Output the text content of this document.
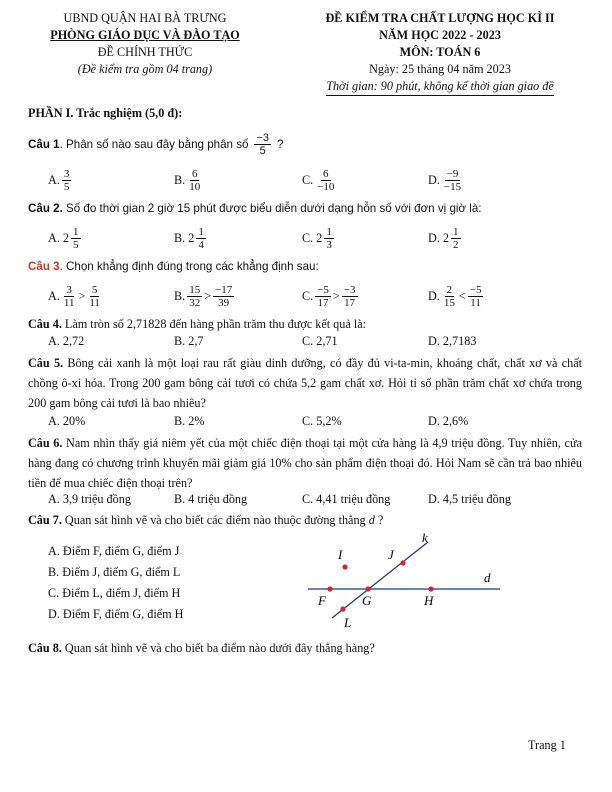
UBND QUẬN HAI BÀ TRƯNG
PHÒNG GIÁO DỤC VÀ ĐÀO TẠO
ĐỀ CHÍNH THỨC
(Đề kiểm tra gồm 04 trang)
ĐỀ KIỂM TRA CHẤT LƯỢNG HỌC KÌ II
NĂM HỌC 2022 - 2023
MÔN: TOÁN 6
Ngày: 25 tháng 04 năm 2023
Thời gian: 90 phút, không kể thời gian giao đề
PHẦN I. Trắc nghiệm (5,0 đ):
Câu 1 . Phân số nào sau đây bằng phân số $\frac{-3}{5}$ ?
A. $\frac{3}{5}$	B. $\frac{6}{10}$	C. $\frac{6}{-10}$	D. $\frac{-9}{-15}$
Câu 2. Số đo thời gian 2 giờ 15 phút được biểu diễn dưới dạng hỗn số với đơn vị giờ là:
A.
$2 \frac{1}{5}$	B.
$2 \frac{1}{4}$	C.
$2 \frac{1}{3}$	D.
$2 \frac{1}{2}$
Câu 3. Chọn khẳng định đúng trong các khẳng định sau:
A. $\frac{3}{11} > \frac{5}{11}$	B. $\frac{15}{32} > \frac{-17}{39}$	C. $\frac{-5}{17} > \frac{-3}{17}$	D. $\frac{2}{15} < \frac{-5}{11}$
Câu 4. Làm tròn số 2,71828 đến hàng phần trăm thu được kết quả là:
A. 2,72	B. 2,7	C. 2,71	D. 2,7183
Câu 5. Bông cải xanh là một loại rau rất giàu dinh dưỡng, có đầy đủ vi-ta-min, khoáng chất, chất xơ và chất chồng ô-xi hóa. Trong 200 gam bông cải tươi có chứa 5,2 gam chất xơ. Hỏi tỉ số phần trăm chất xơ chứa trong 200 gam bông cải tươi là bao nhiêu?
A. 20%	B. 2%	C. 5,2%	D. 2,6%
Câu 6. Nam nhìn thấy giá niêm yết của một chiếc điện thoại tại một cửa hàng là 4,9 triệu đồng. Tuy nhiên, cửa hàng đang có chương trình khuyến mãi giảm giá 10% cho sản phẩm điện thoại đó. Hỏi Nam sẽ cần trả bao nhiêu tiền để mua chiếc điện thoại trên?
A. 3,9 triệu đồng	B. 4 triệu đồng	C. 4,41 triệu đồng	D. 4,5 triệu đồng
Câu 7. Quan sát hình vẽ và cho biết các điểm nào thuộc đường thẳng d ?
A. Điểm F, điểm G, điểm J
B. Điểm J, điểm G, điểm L
C. Điểm L, điểm J, điểm H
D. Điểm F, điểm G, điểm H
k
d
I	J
F	G	H
L
Câu 8. Quan sát hình vẽ và cho biết ba điểm nào dưới đây thẳng hàng?
Trang 1
